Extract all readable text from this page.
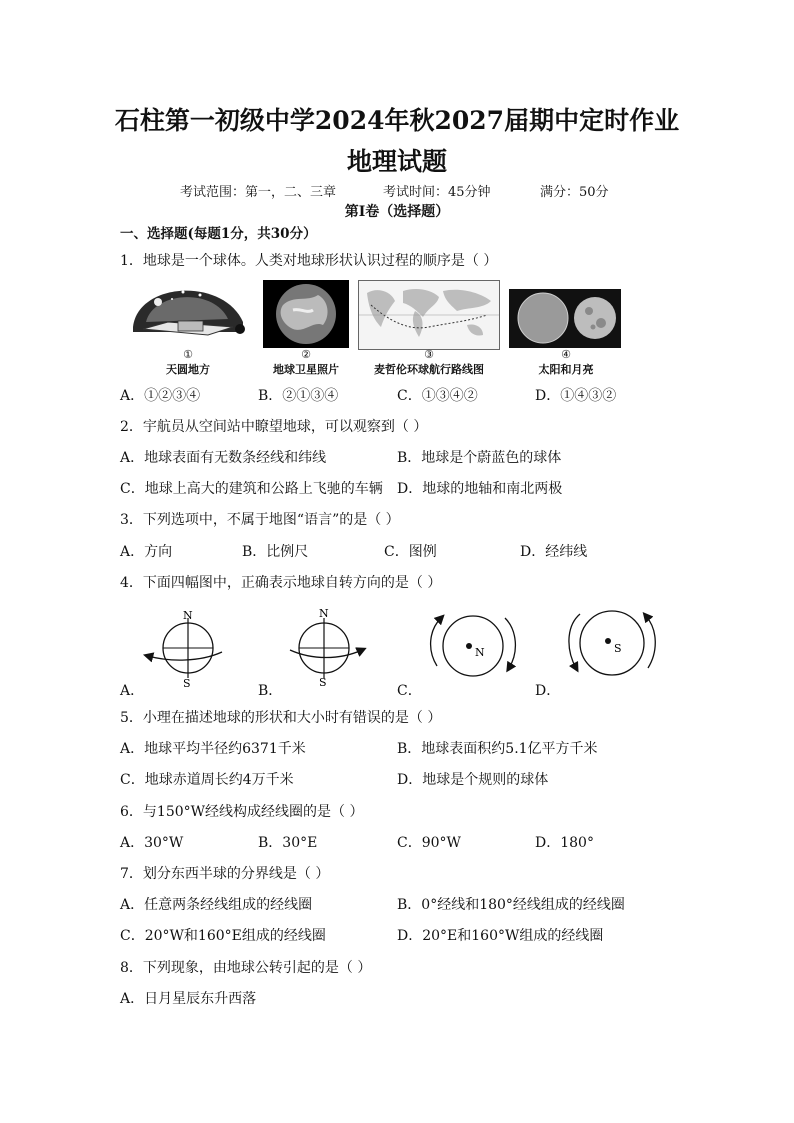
石柱第一初级中学2024年秋2027届期中定时作业
地理试题
考试范围：第一，二、三章	考试时间：45分钟	满分：50分
第Ⅰ卷（选择题）
一、选择题(每题1分，共30分）
1．地球是一个球体。人类对地球形状认识过程的顺序是（ ）
①
天圆地方
②
地球卫星照片
③
麦哲伦环球航行路线图
④
太阳和月亮
A．①②③④	B．②①③④	C．①③④②	D．①④③②
2．宇航员从空间站中瞭望地球，可以观察到（ ）
A．地球表面有无数条经线和纬线	B．地球是个蔚蓝色的球体
C．地球上高大的建筑和公路上飞驰的车辆 D．地球的地轴和南北两极
3．下列选项中，不属于地图“语言”的是（ ）
A．方向	B．比例尺	C．图例	D．经纬线
4．下面四幅图中，正确表示地球自转方向的是（ ）
N
S
N
S
N	S
A．	B．	C．	D．
5．小理在描述地球的形状和大小时有错误的是（ ）
A．地球平均半径约6371千米	B．地球表面积约5.1亿平方千米
C．地球赤道周长约4万千米	D．地球是个规则的球体
6．与150°W经线构成经线圈的是（ ）
A．30°W	B．30°E	C．90°W	D．180°
7．划分东西半球的分界线是（ ）
A．任意两条经线组成的经线圈	B．0°经线和180°经线组成的经线圈
C．20°W和160°E组成的经线圈	D．20°E和160°W组成的经线圈
8．下列现象，由地球公转引起的是（ ）
A．日月星辰东升西落
